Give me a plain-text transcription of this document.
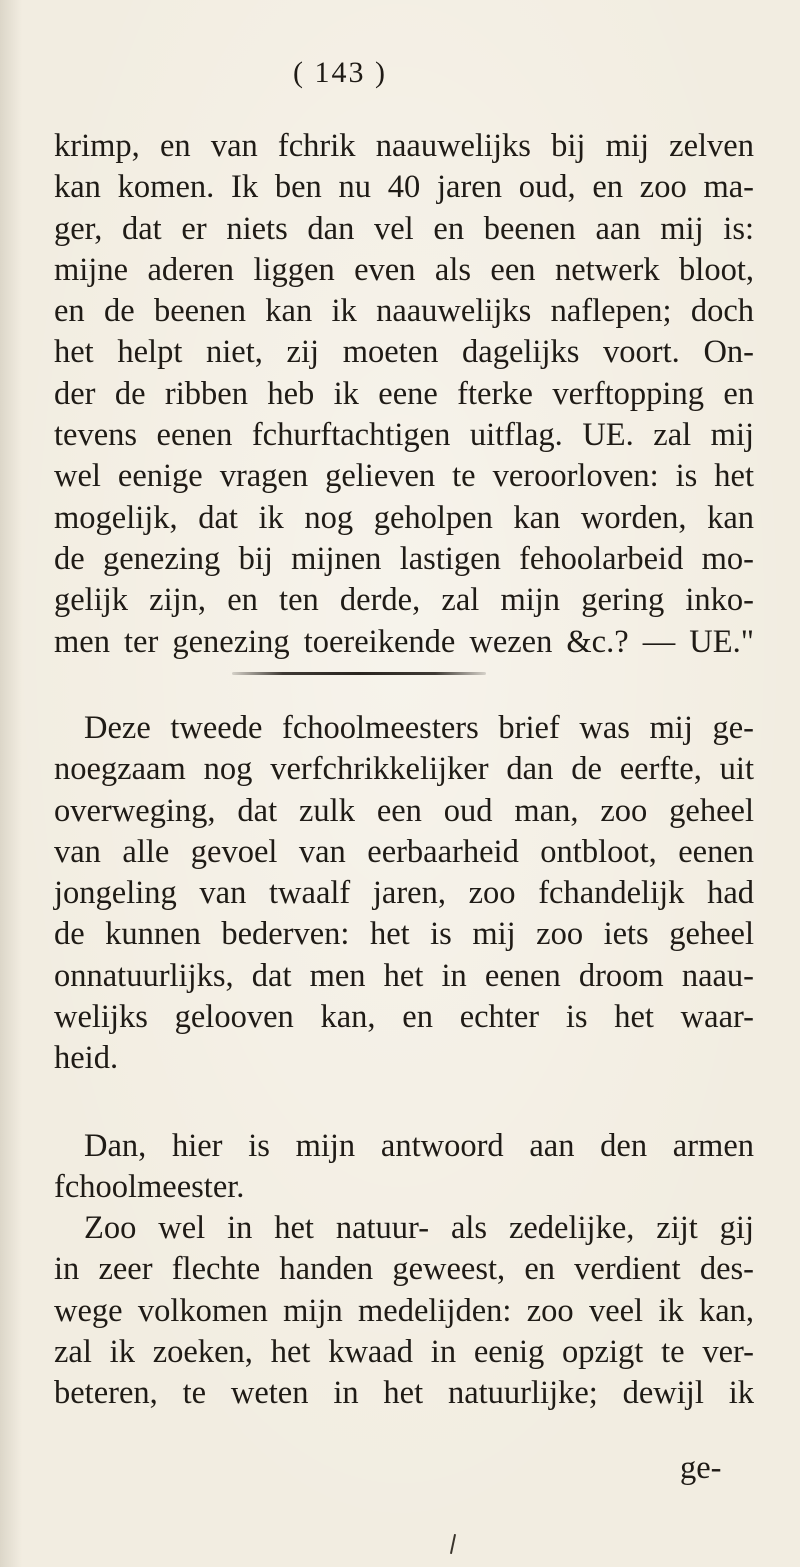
( 143 )

krimp, en van fchrik naauwelijks bij mij zelven
kan komen. Ik ben nu 40 jaren oud, en zoo ma-
ger, dat er niets dan vel en beenen aan mij is:
mijne aderen liggen even als een netwerk bloot,
en de beenen kan ik naauwelijks naflepen; doch
het helpt niet, zij moeten dagelijks voort. On-
der de ribben heb ik eene fterke verftopping en
tevens eenen fchurftachtigen uitflag. UE. zal mij
wel eenige vragen gelieven te veroorloven: is het
mogelijk, dat ik nog geholpen kan worden, kan
de genezing bij mijnen lastigen fehoolarbeid mo-
gelijk zijn, en ten derde, zal mijn gering inko-
men ter genezing toereikende wezen &c.? — UE."

Deze tweede fchoolmeesters brief was mij ge-
noegzaam nog verfchrikkelijker dan de eerfte, uit
overweging, dat zulk een oud man, zoo geheel
van alle gevoel van eerbaarheid ontbloot, eenen
jongeling van twaalf jaren, zoo fchandelijk had
de kunnen bederven: het is mij zoo iets geheel
onnatuurlijks, dat men het in eenen droom naau-
welijks gelooven kan, en echter is het waar-
heid.

Dan, hier is mijn antwoord aan den armen
fchoolmeester.

Zoo wel in het natuur- als zedelijke, zijt gij
in zeer flechte handen geweest, en verdient des-
wege volkomen mijn medelijden: zoo veel ik kan,
zal ik zoeken, het kwaad in eenig opzigt te ver-
beteren, te weten in het natuurlijke; dewijl ik

ge-
